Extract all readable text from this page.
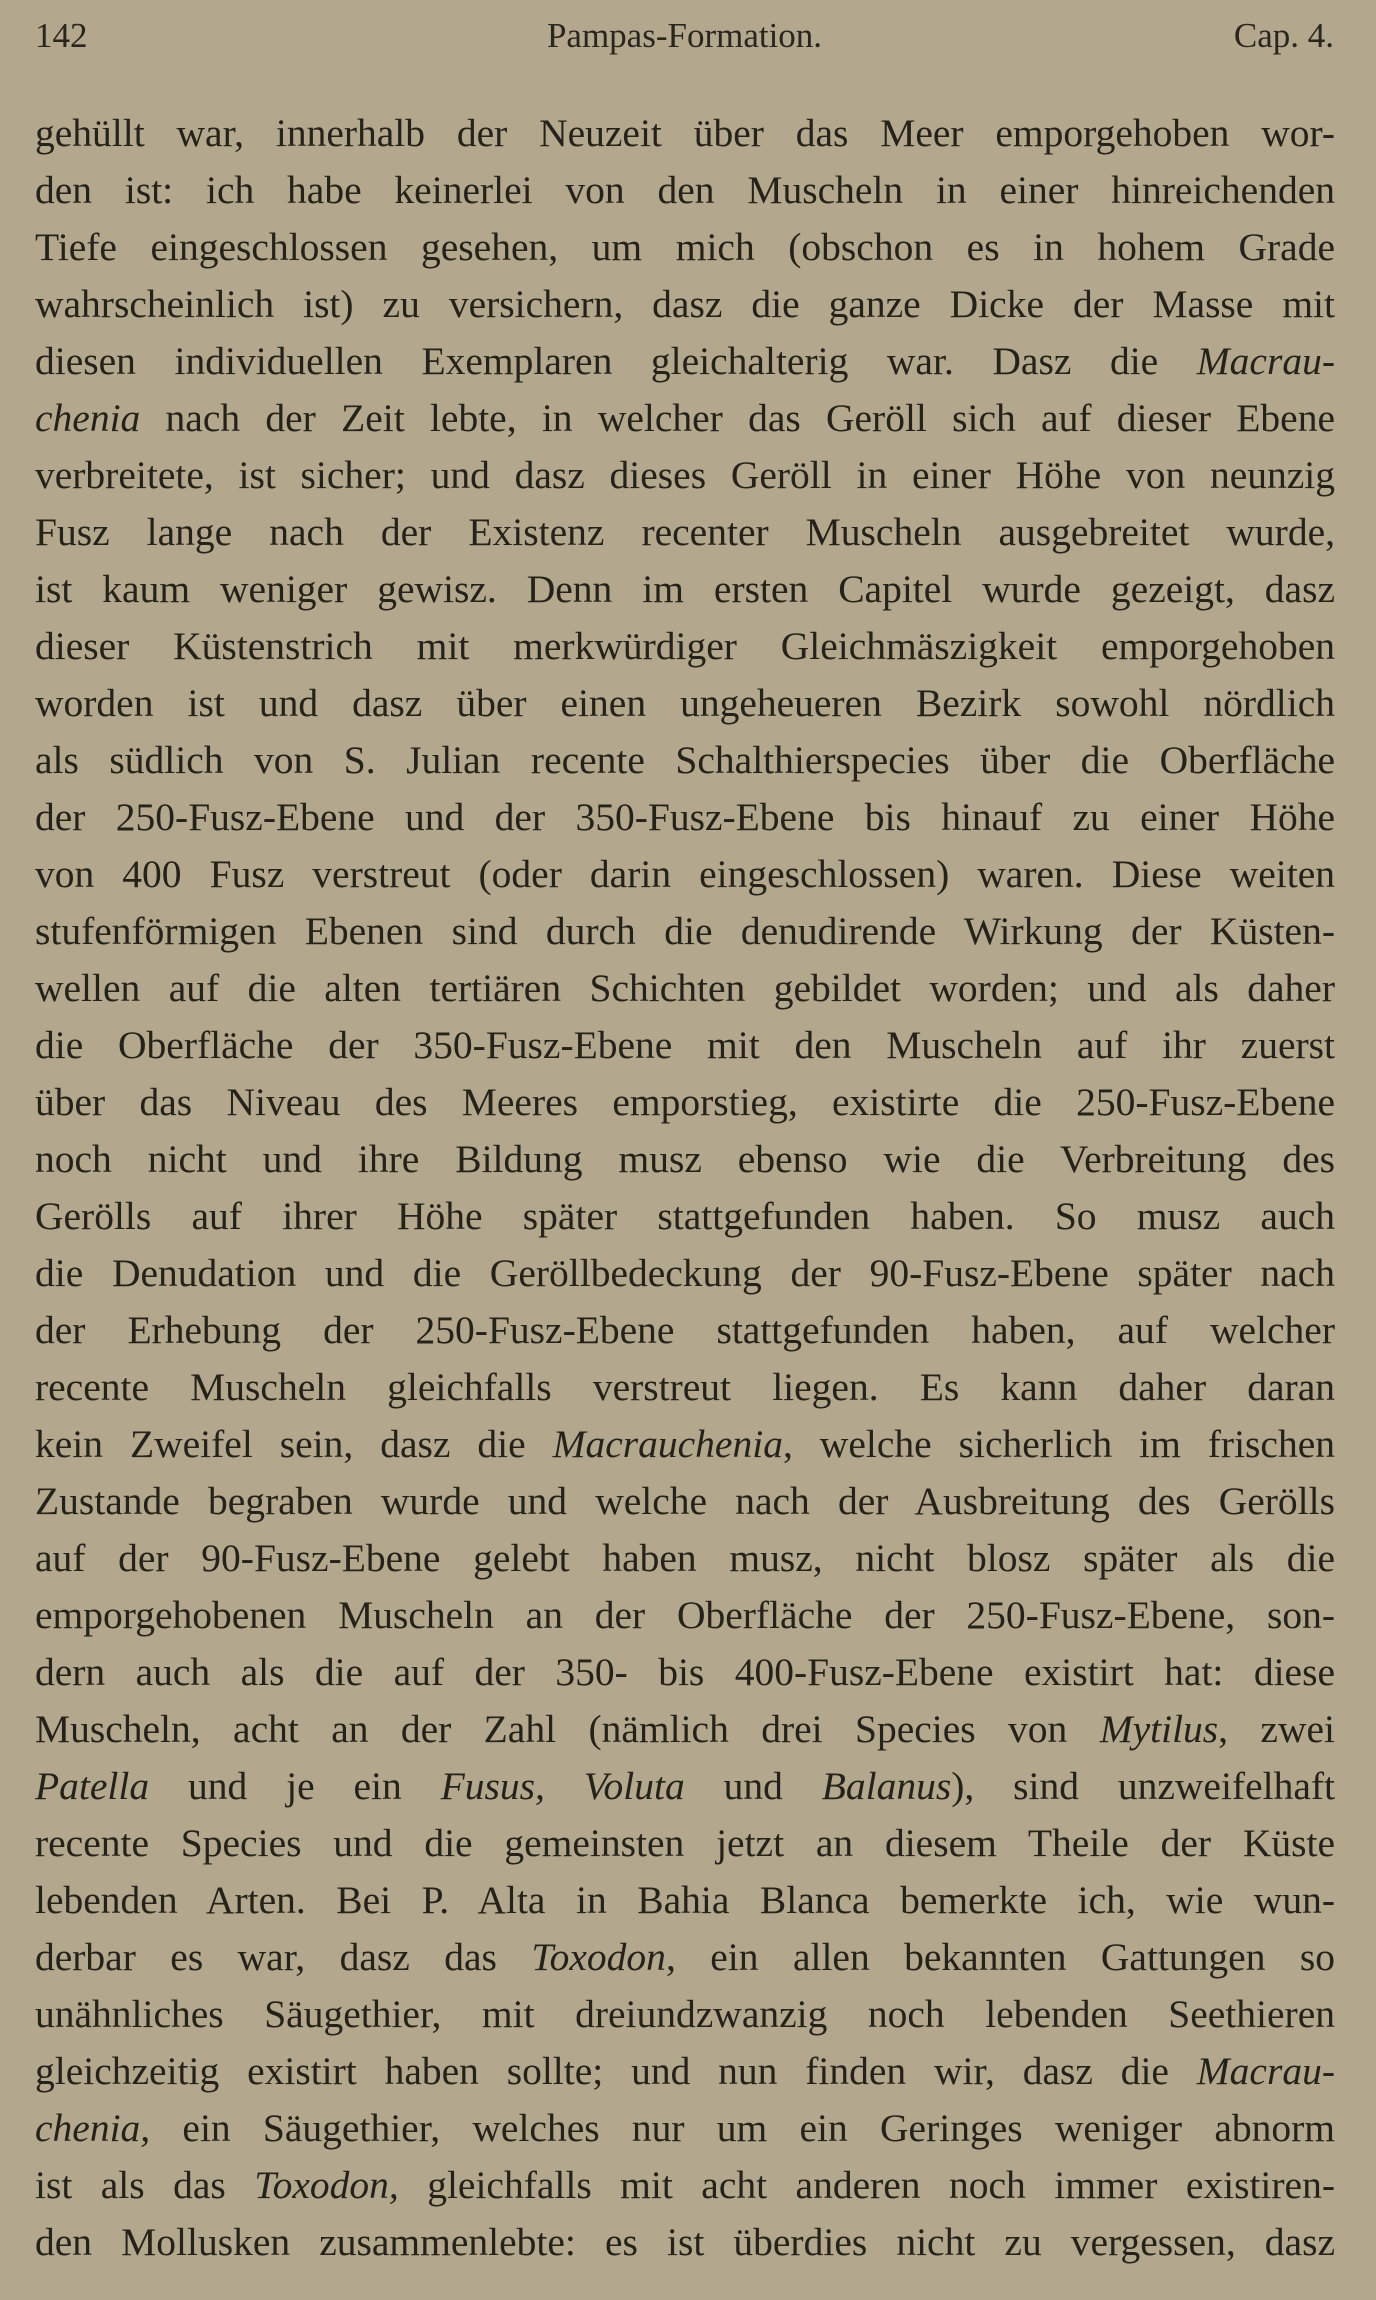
142	Pampas-Formation.	Cap. 4.
gehüllt war, innerhalb der Neuzeit über das Meer emporgehoben wor-
den ist: ich habe keinerlei von den Muscheln in einer hinreichenden
Tiefe eingeschlossen gesehen, um mich (obschon es in hohem Grade
wahrscheinlich ist) zu versichern, dasz die ganze Dicke der Masse mit
diesen individuellen Exemplaren gleichalterig war. Dasz die Macrau-
chenia nach der Zeit lebte, in welcher das Geröll sich auf dieser Ebene
verbreitete, ist sicher; und dasz dieses Geröll in einer Höhe von neunzig
Fusz lange nach der Existenz recenter Muscheln ausgebreitet wurde,
ist kaum weniger gewisz. Denn im ersten Capitel wurde gezeigt, dasz
dieser Küstenstrich mit merkwürdiger Gleichmäszigkeit emporgehoben
worden ist und dasz über einen ungeheueren Bezirk sowohl nördlich
als südlich von S. Julian recente Schalthierspecies über die Oberfläche
der 250-Fusz-Ebene und der 350-Fusz-Ebene bis hinauf zu einer Höhe
von 400 Fusz verstreut (oder darin eingeschlossen) waren. Diese weiten
stufenförmigen Ebenen sind durch die denudirende Wirkung der Küsten-
wellen auf die alten tertiären Schichten gebildet worden; und als daher
die Oberfläche der 350-Fusz-Ebene mit den Muscheln auf ihr zuerst
über das Niveau des Meeres emporstieg, existirte die 250-Fusz-Ebene
noch nicht und ihre Bildung musz ebenso wie die Verbreitung des
Gerölls auf ihrer Höhe später stattgefunden haben. So musz auch
die Denudation und die Geröllbedeckung der 90-Fusz-Ebene später nach
der Erhebung der 250-Fusz-Ebene stattgefunden haben, auf welcher
recente Muscheln gleichfalls verstreut liegen. Es kann daher daran
kein Zweifel sein, dasz die Macrauchenia, welche sicherlich im frischen
Zustande begraben wurde und welche nach der Ausbreitung des Gerölls
auf der 90-Fusz-Ebene gelebt haben musz, nicht blosz später als die
emporgehobenen Muscheln an der Oberfläche der 250-Fusz-Ebene, son-
dern auch als die auf der 350- bis 400-Fusz-Ebene existirt hat: diese
Muscheln, acht an der Zahl (nämlich drei Species von Mytilus, zwei
Patella und je ein Fusus, Voluta und Balanus), sind unzweifelhaft
recente Species und die gemeinsten jetzt an diesem Theile der Küste
lebenden Arten. Bei P. Alta in Bahia Blanca bemerkte ich, wie wun-
derbar es war, dasz das Toxodon, ein allen bekannten Gattungen so
unähnliches Säugethier, mit dreiundzwanzig noch lebenden Seethieren
gleichzeitig existirt haben sollte; und nun finden wir, dasz die Macrau-
chenia, ein Säugethier, welches nur um ein Geringes weniger abnorm
ist als das Toxodon, gleichfalls mit acht anderen noch immer existiren-
den Mollusken zusammenlebte: es ist überdies nicht zu vergessen, dasz
